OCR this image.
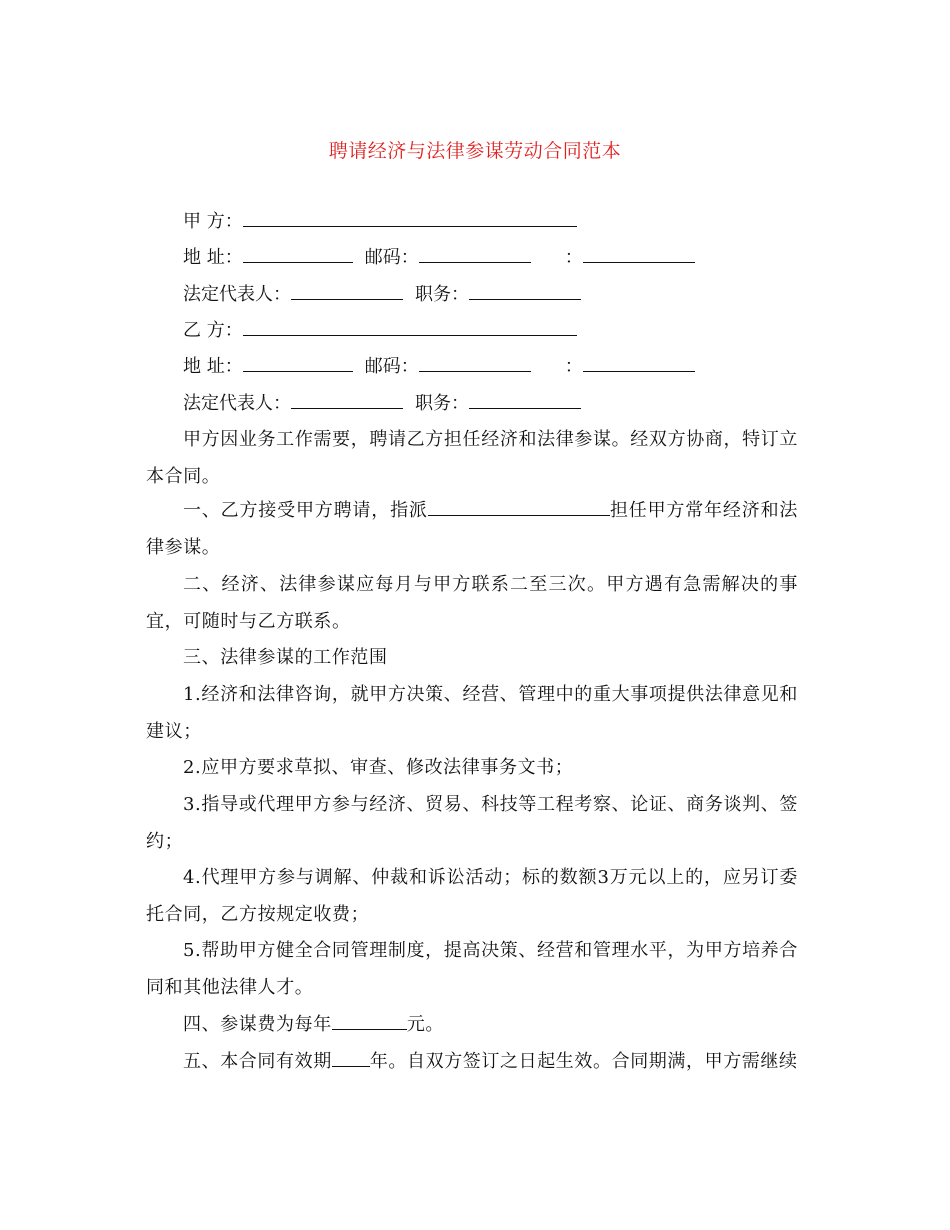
聘请经济与法律参谋劳动合同范本
甲 方：
地 址：	邮码：	：
法定代表人：	职务：
乙 方：
地 址：	邮码：	：
法定代表人：	职务：
甲方因业务工作需要，聘请乙方担任经济和法律参谋。经双方协商，特订立本合同。
一、乙方接受甲方聘请，指派	担任甲方常年经济和法律参谋。
二、经济、法律参谋应每月与甲方联系二至三次。甲方遇有急需解决的事宜，可随时与乙方联系。
三、法律参谋的工作范围
1.经济和法律咨询，就甲方决策、经营、管理中的重大事项提供法律意见和建议；
2.应甲方要求草拟、审查、修改法律事务文书；
3.指导或代理甲方参与经济、贸易、科技等工程考察、论证、商务谈判、签约；
4.代理甲方参与调解、仲裁和诉讼活动；标的数额3万元以上的，应另订委托合同，乙方按规定收费；
5.帮助甲方健全合同管理制度，提高决策、经营和管理水平，为甲方培养合同和其他法律人才。
四、参谋费为每年	元。
五、本合同有效期 年。自双方签订之日起生效。合同期满，甲方需继续
